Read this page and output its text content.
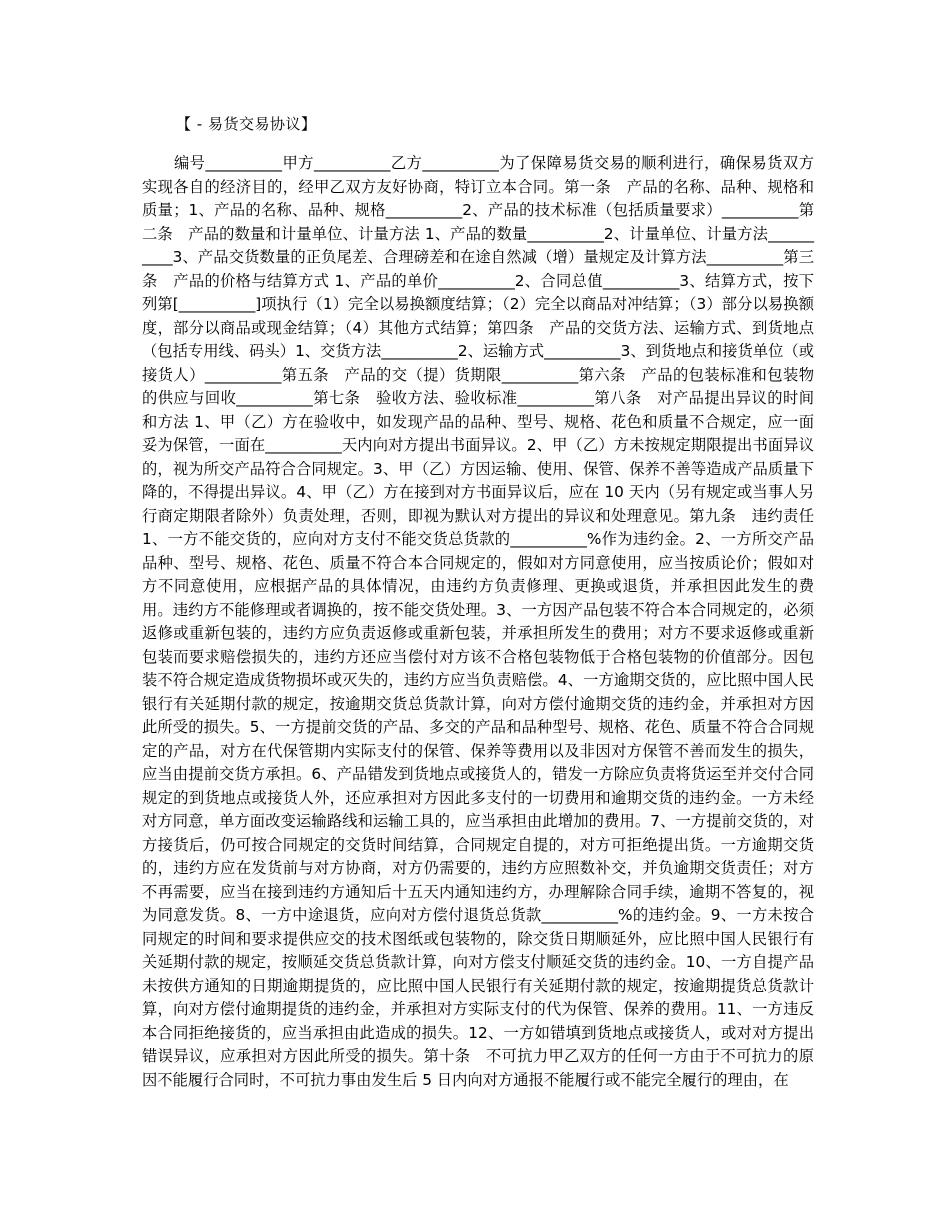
【 - 易货交易协议】

编号__________甲方__________乙方__________为了保障易货交易的顺利进行，确保易货双方实现各自的经济目的，经甲乙双方友好协商，特订立本合同。第一条　产品的名称、品种、规格和质量；1、产品的名称、品种、规格__________2、产品的技术标准（包括质量要求）__________第二条　产品的数量和计量单位、计量方法 1、产品的数量__________2、计量单位、计量方法__________3、产品交货数量的正负尾差、合理磅差和在途自然减（增）量规定及计算方法__________第三条　产品的价格与结算方式 1、产品的单价__________2、合同总值__________3、结算方式，按下列第[__________]项执行（1）完全以易换额度结算；（2）完全以商品对冲结算；（3）部分以易换额度，部分以商品或现金结算；（4）其他方式结算；第四条　产品的交货方法、运输方式、到货地点（包括专用线、码头）1、交货方法__________2、运输方式__________3、到货地点和接货单位（或接货人）__________第五条　产品的交（提）货期限__________第六条　产品的包装标准和包装物的供应与回收__________第七条　验收方法、验收标准__________第八条　对产品提出异议的时间和方法 1、甲（乙）方在验收中，如发现产品的品种、型号、规格、花色和质量不合规定，应一面妥为保管，一面在__________天内向对方提出书面异议。2、甲（乙）方未按规定期限提出书面异议的，视为所交产品符合合同规定。3、甲（乙）方因运输、使用、保管、保养不善等造成产品质量下降的，不得提出异议。4、甲（乙）方在接到对方书面异议后，应在 10 天内（另有规定或当事人另行商定期限者除外）负责处理，否则，即视为默认对方提出的异议和处理意见。第九条　违约责任 1、一方不能交货的，应向对方支付不能交货总货款的__________%作为违约金。2、一方所交产品品种、型号、规格、花色、质量不符合本合同规定的，假如对方同意使用，应当按质论价；假如对方不同意使用，应根据产品的具体情况，由违约方负责修理、更换或退货，并承担因此发生的费用。违约方不能修理或者调换的，按不能交货处理。3、一方因产品包装不符合本合同规定的，必须返修或重新包装的，违约方应负责返修或重新包装，并承担所发生的费用；对方不要求返修或重新包装而要求赔偿损失的，违约方还应当偿付对方该不合格包装物低于合格包装物的价值部分。因包装不符合规定造成货物损坏或灭失的，违约方应当负责赔偿。4、一方逾期交货的，应比照中国人民银行有关延期付款的规定，按逾期交货总货款计算，向对方偿付逾期交货的违约金，并承担对方因此所受的损失。5、一方提前交货的产品、多交的产品和品种型号、规格、花色、质量不符合合同规定的产品，对方在代保管期内实际支付的保管、保养等费用以及非因对方保管不善而发生的损失，应当由提前交货方承担。6、产品错发到货地点或接货人的，错发一方除应负责将货运至并交付合同规定的到货地点或接货人外，还应承担对方因此多支付的一切费用和逾期交货的违约金。一方未经对方同意，单方面改变运输路线和运输工具的，应当承担由此增加的费用。7、一方提前交货的，对方接货后，仍可按合同规定的交货时间结算，合同规定自提的，对方可拒绝提出货。一方逾期交货的，违约方应在发货前与对方协商，对方仍需要的，违约方应照数补交，并负逾期交货责任；对方不再需要，应当在接到违约方通知后十五天内通知违约方，办理解除合同手续，逾期不答复的，视为同意发货。8、一方中途退货，应向对方偿付退货总货款__________%的违约金。9、一方未按合同规定的时间和要求提供应交的技术图纸或包装物的，除交货日期顺延外，应比照中国人民银行有关延期付款的规定，按顺延交货总货款计算，向对方偿支付顺延交货的违约金。10、一方自提产品未按供方通知的日期逾期提货的，应比照中国人民银行有关延期付款的规定，按逾期提货总货款计算，向对方偿付逾期提货的违约金，并承担对方实际支付的代为保管、保养的费用。11、一方违反本合同拒绝接货的，应当承担由此造成的损失。12、一方如错填到货地点或接货人，或对对方提出错误异议，应承担对方因此所受的损失。第十条　不可抗力甲乙双方的任何一方由于不可抗力的原因不能履行合同时，不可抗力事由发生后 5 日内向对方通报不能履行或不能完全履行的理由，在
